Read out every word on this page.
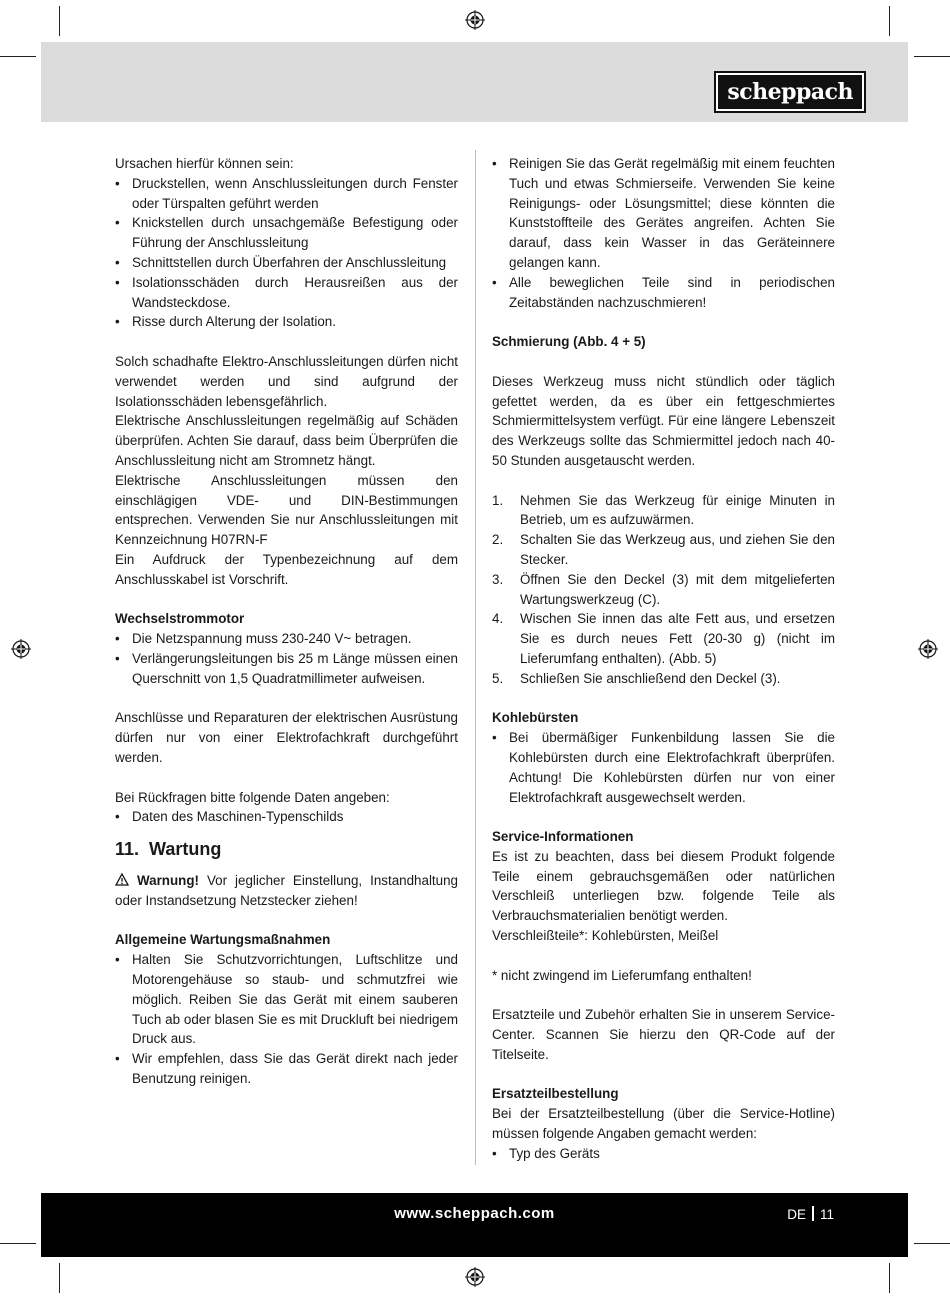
scheppach

Ursachen hierfür können sein:

• Druckstellen, wenn Anschlussleitungen durch Fenster oder Türspalten geführt werden
• Knickstellen durch unsachgemäße Befestigung oder Führung der Anschlussleitung
• Schnittstellen durch Überfahren der Anschlussleitung
• Isolationsschäden durch Herausreißen aus der Wandsteckdose.
• Risse durch Alterung der Isolation.

Solch schadhafte Elektro-Anschlussleitungen dürfen nicht verwendet werden und sind aufgrund der Isolationsschäden lebensgefährlich.

Elektrische Anschlussleitungen regelmäßig auf Schäden überprüfen. Achten Sie darauf, dass beim Überprüfen die Anschlussleitung nicht am Stromnetz hängt.

Elektrische Anschlussleitungen müssen den einschlägigen VDE- und DIN-Bestimmungen entsprechen. Verwenden Sie nur Anschlussleitungen mit Kennzeichnung H07RN-F

Ein Aufdruck der Typenbezeichnung auf dem Anschlusskabel ist Vorschrift.

Wechselstrommotor

• Die Netzspannung muss 230-240 V~ betragen.
• Verlängerungsleitungen bis 25 m Länge müssen einen Querschnitt von 1,5 Quadratmillimeter aufweisen.

Anschlüsse und Reparaturen der elektrischen Ausrüstung dürfen nur von einer Elektrofachkraft durchgeführt werden.

Bei Rückfragen bitte folgende Daten angeben:

• Daten des Maschinen-Typenschilds

11. Wartung

Warnung! Vor jeglicher Einstellung, Instandhaltung oder Instandsetzung Netzstecker ziehen!

Allgemeine Wartungsmaßnahmen

• Halten Sie Schutzvorrichtungen, Luftschlitze und Motorengehäuse so staub- und schmutzfrei wie möglich. Reiben Sie das Gerät mit einem sauberen Tuch ab oder blasen Sie es mit Druckluft bei niedrigem Druck aus.
• Wir empfehlen, dass Sie das Gerät direkt nach jeder Benutzung reinigen.
• Reinigen Sie das Gerät regelmäßig mit einem feuchten Tuch und etwas Schmierseife. Verwenden Sie keine Reinigungs- oder Lösungsmittel; diese könnten die Kunststoffteile des Gerätes angreifen. Achten Sie darauf, dass kein Wasser in das Geräteinnere gelangen kann.
• Alle beweglichen Teile sind in periodischen Zeitabständen nachzuschmieren!

Schmierung (Abb. 4 + 5)

Dieses Werkzeug muss nicht stündlich oder täglich gefettet werden, da es über ein fettgeschmiertes Schmiermittelsystem verfügt. Für eine längere Lebenszeit des Werkzeugs sollte das Schmiermittel jedoch nach 40-50 Stunden ausgetauscht werden.

1. Nehmen Sie das Werkzeug für einige Minuten in Betrieb, um es aufzuwärmen.
2. Schalten Sie das Werkzeug aus, und ziehen Sie den Stecker.
3. Öffnen Sie den Deckel (3) mit dem mitgelieferten Wartungswerkzeug (C).
4. Wischen Sie innen das alte Fett aus, und ersetzen Sie es durch neues Fett (20-30 g) (nicht im Lieferumfang enthalten). (Abb. 5)
5. Schließen Sie anschließend den Deckel (3).

Kohlebürsten

• Bei übermäßiger Funkenbildung lassen Sie die Kohlebürsten durch eine Elektrofachkraft überprüfen. Achtung! Die Kohlebürsten dürfen nur von einer Elektrofachkraft ausgewechselt werden.

Service-Informationen

Es ist zu beachten, dass bei diesem Produkt folgende Teile einem gebrauchsgemäßen oder natürlichen Verschleiß unterliegen bzw. folgende Teile als Verbrauchsmaterialien benötigt werden.

Verschleißteile*: Kohlebürsten, Meißel

* nicht zwingend im Lieferumfang enthalten!

Ersatzteile und Zubehör erhalten Sie in unserem Service-Center. Scannen Sie hierzu den QR-Code auf der Titelseite.

Ersatzteilbestellung

Bei der Ersatzteilbestellung (über die Service-Hotline) müssen folgende Angaben gemacht werden:

• Typ des Geräts
www.scheppach.com	DE 11
